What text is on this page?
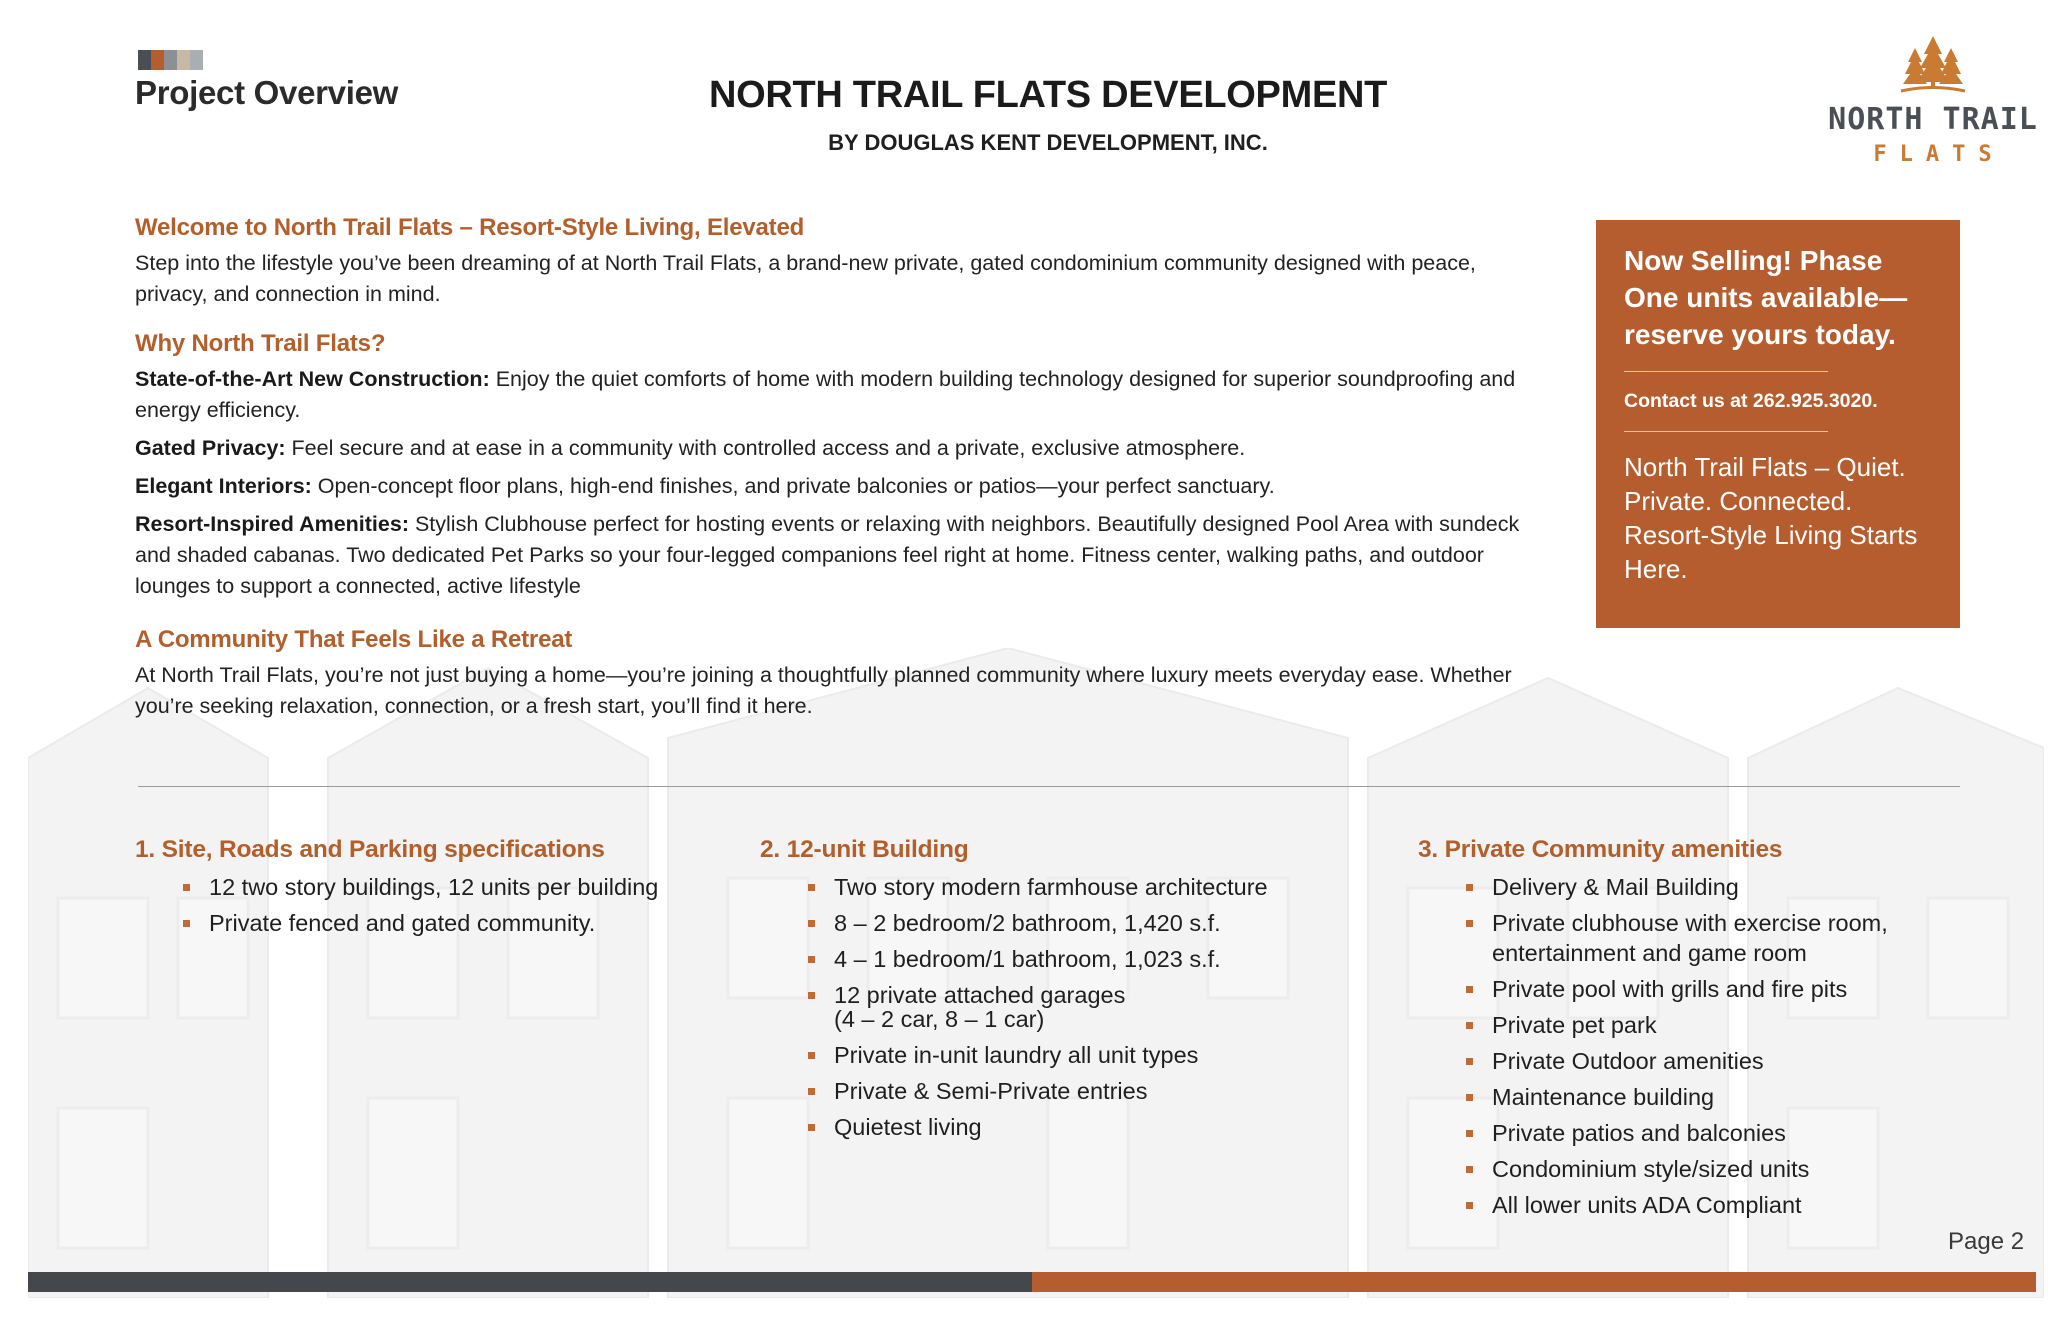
Project Overview	NORTH TRAIL FLATS DEVELOPMENT
BY DOUGLAS KENT DEVELOPMENT, INC.
NORTH TRAIL
FLATS
Welcome to North Trail Flats – Resort-Style Living, Elevated

Step into the lifestyle you’ve been dreaming of at North Trail Flats, a brand-new private, gated condominium community designed with peace, privacy, and connection in mind.

Why North Trail Flats?

State-of-the-Art New Construction: Enjoy the quiet comforts of home with modern building technology designed for superior soundproofing and energy efficiency.

Gated Privacy: Feel secure and at ease in a community with controlled access and a private, exclusive atmosphere.

Elegant Interiors: Open-concept floor plans, high-end finishes, and private balconies or patios—your perfect sanctuary.

Resort-Inspired Amenities: Stylish Clubhouse perfect for hosting events or relaxing with neighbors. Beautifully designed Pool Area with sundeck and shaded cabanas. Two dedicated Pet Parks so your four-legged companions feel right at home. Fitness center, walking paths, and outdoor lounges to support a connected, active lifestyle

A Community That Feels Like a Retreat

At North Trail Flats, you’re not just buying a home—you’re joining a thoughtfully planned community where luxury meets everyday ease. Whether you’re seeking relaxation, connection, or a fresh start, you’ll find it here.

Now Selling! Phase One units available—reserve yours today.
Contact us at 262.925.3020.
North Trail Flats – Quiet. Private. Connected. Resort-Style Living Starts Here.
1. Site, Roads and Parking specifications
12 two story buildings, 12 units per building
Private fenced and gated community.
2. 12-unit Building
Two story modern farmhouse architecture
8 – 2 bedroom/2 bathroom, 1,420 s.f.
4 – 1 bedroom/1 bathroom, 1,023 s.f.
12 private attached garages
(4 – 2 car, 8 – 1 car)
Private in-unit laundry all unit types
Private & Semi-Private entries
Quietest living
3. Private Community amenities
Delivery & Mail Building
Private clubhouse with exercise room, entertainment and game room
Private pool with grills and fire pits
Private pet park
Private Outdoor amenities
Maintenance building
Private patios and balconies
Condominium style/sized units
All lower units ADA Compliant
Page 2
